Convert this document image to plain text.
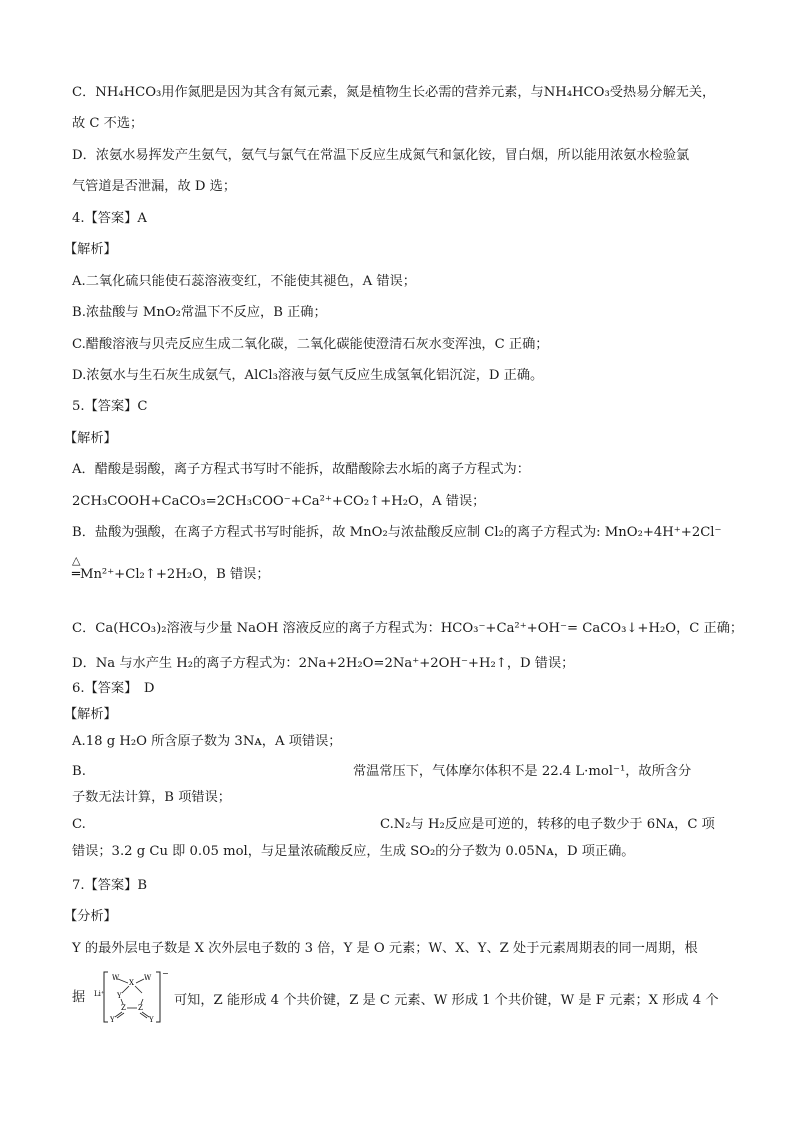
C．NH₄HCO₃用作氮肥是因为其含有氮元素，氮是植物生长必需的营养元素，与NH₄HCO₃受热易分解无关，
故 C 不选；
D．浓氨水易挥发产生氨气，氨气与氯气在常温下反应生成氮气和氯化铵，冒白烟，所以能用浓氨水检验氯
气管道是否泄漏，故 D 选；
4.【答案】A
【解析】
A.二氧化硫只能使石蕊溶液变红，不能使其褪色，A 错误；
B.浓盐酸与 MnO₂常温下不反应，B 正确；
C.醋酸溶液与贝壳反应生成二氧化碳，二氧化碳能使澄清石灰水变浑浊，C 正确；
D.浓氨水与生石灰生成氨气，AlCl₃溶液与氨气反应生成氢氧化铝沉淀，D 正确。
5.【答案】C
【解析】
A．醋酸是弱酸，离子方程式书写时不能拆，故醋酸除去水垢的离子方程式为：
2CH₃COOH+CaCO₃=2CH₃COO⁻+Ca²⁺+CO₂↑+H₂O，A 错误；
B．盐酸为强酸，在离子方程式书写时能拆，故 MnO₂与浓盐酸反应制 Cl₂的离子方程式为: MnO₂+4H⁺+2Cl⁻
△
═Mn²⁺+Cl₂↑+2H₂O，B 错误；
C．Ca(HCO₃)₂溶液与少量 NaOH 溶液反应的离子方程式为：HCO₃⁻+Ca²⁺+OH⁻= CaCO₃↓+H₂O，C 正确；
D．Na 与水产生 H₂的离子方程式为：2Na+2H₂O=2Na⁺+2OH⁻+H₂↑，D 错误；
6.【答案】　D
【解析】
A.18 g H₂O 所含原子数为 3Nᴀ，A 项错误；
B.	常温常压下，气体摩尔体积不是 22.4 L·mol⁻¹，故所含分
子数无法计算，B 项错误；
C.	C.N₂与 H₂反应是可逆的，转移的电子数少于 6Nᴀ，C 项
错误；3.2 g Cu 即 0.05 mol，与足量浓硫酸反应，生成 SO₂的分子数为 0.05Nᴀ，D 项正确。
7.【答案】B
【分析】
Y 的最外层电子数是 X 次外层电子数的 3 倍，Y 是 O 元素；W、X、Y、Z 处于元素周期表的同一周期，根
据 Li⁺
−
W
X
W
Y
Z Z
Y	Y
可知，Z 能形成 4 个共价键，Z 是 C 元素、W 形成 1 个共价键，W 是 F 元素；X 形成 4 个
